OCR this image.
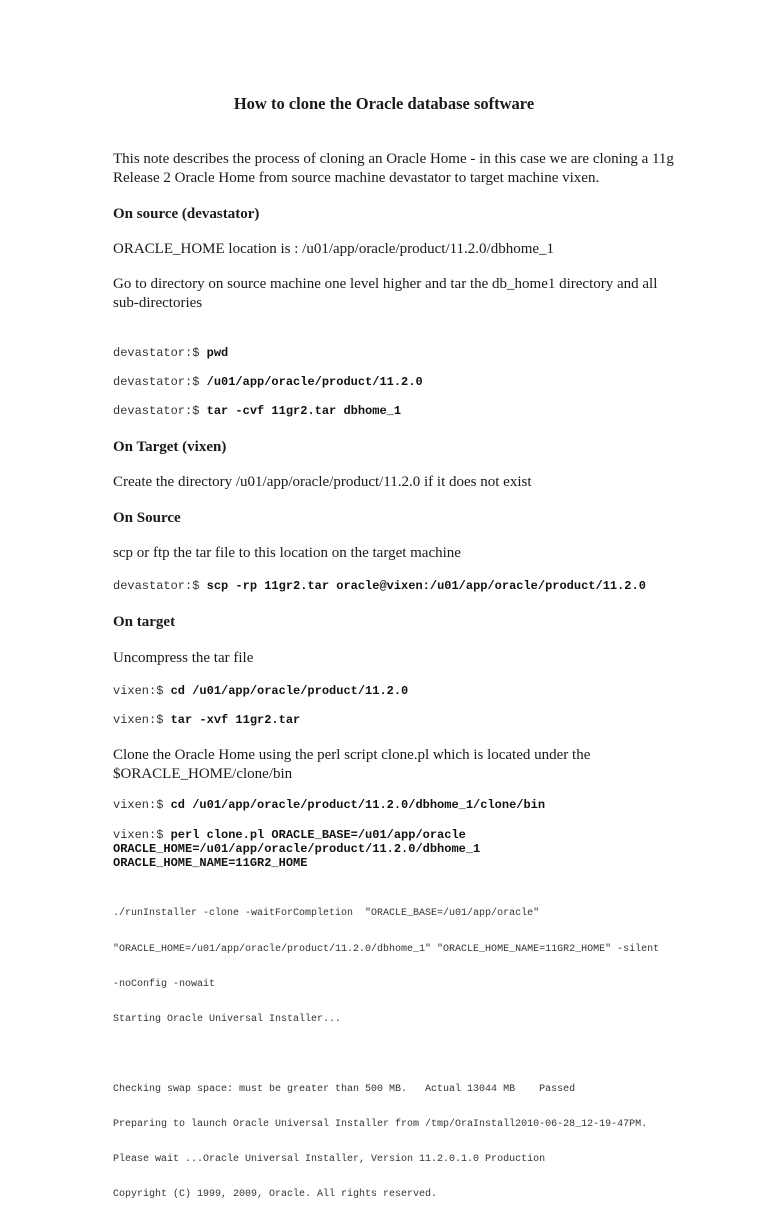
How to clone the Oracle database software
This note describes the process of cloning an Oracle Home - in this case we are cloning a 11g
Release 2 Oracle Home from source machine devastator to target machine vixen.
On source (devastator)
ORACLE_HOME location is : /u01/app/oracle/product/11.2.0/dbhome_1
Go to directory on source machine one level higher and tar the db_home1 directory and all
sub-directories
devastator:$ pwd
devastator:$ /u01/app/oracle/product/11.2.0
devastator:$ tar -cvf 11gr2.tar dbhome_1
On Target (vixen)
Create the directory /u01/app/oracle/product/11.2.0 if it does not exist
On Source
scp or ftp the tar file to this location on the target machine
devastator:$ scp -rp 11gr2.tar oracle@vixen:/u01/app/oracle/product/11.2.0
On target
Uncompress the tar file
vixen:$ cd /u01/app/oracle/product/11.2.0
vixen:$ tar -xvf 11gr2.tar
Clone the Oracle Home using the perl script clone.pl which is located under the
$ORACLE_HOME/clone/bin
vixen:$ cd /u01/app/oracle/product/11.2.0/dbhome_1/clone/bin
vixen:$ perl clone.pl ORACLE_BASE=/u01/app/oracle
ORACLE_HOME=/u01/app/oracle/product/11.2.0/dbhome_1
ORACLE_HOME_NAME=11GR2_HOME

./runInstaller -clone -waitForCompletion  "ORACLE_BASE=/u01/app/oracle"

"ORACLE_HOME=/u01/app/oracle/product/11.2.0/dbhome_1" "ORACLE_HOME_NAME=11GR2_HOME" -silent

-noConfig -nowait

Starting Oracle Universal Installer...

Checking swap space: must be greater than 500 MB.   Actual 13044 MB    Passed

Preparing to launch Oracle Universal Installer from /tmp/OraInstall2010-06-28_12-19-47PM.

Please wait ...Oracle Universal Installer, Version 11.2.0.1.0 Production

Copyright (C) 1999, 2009, Oracle. All rights reserved.
